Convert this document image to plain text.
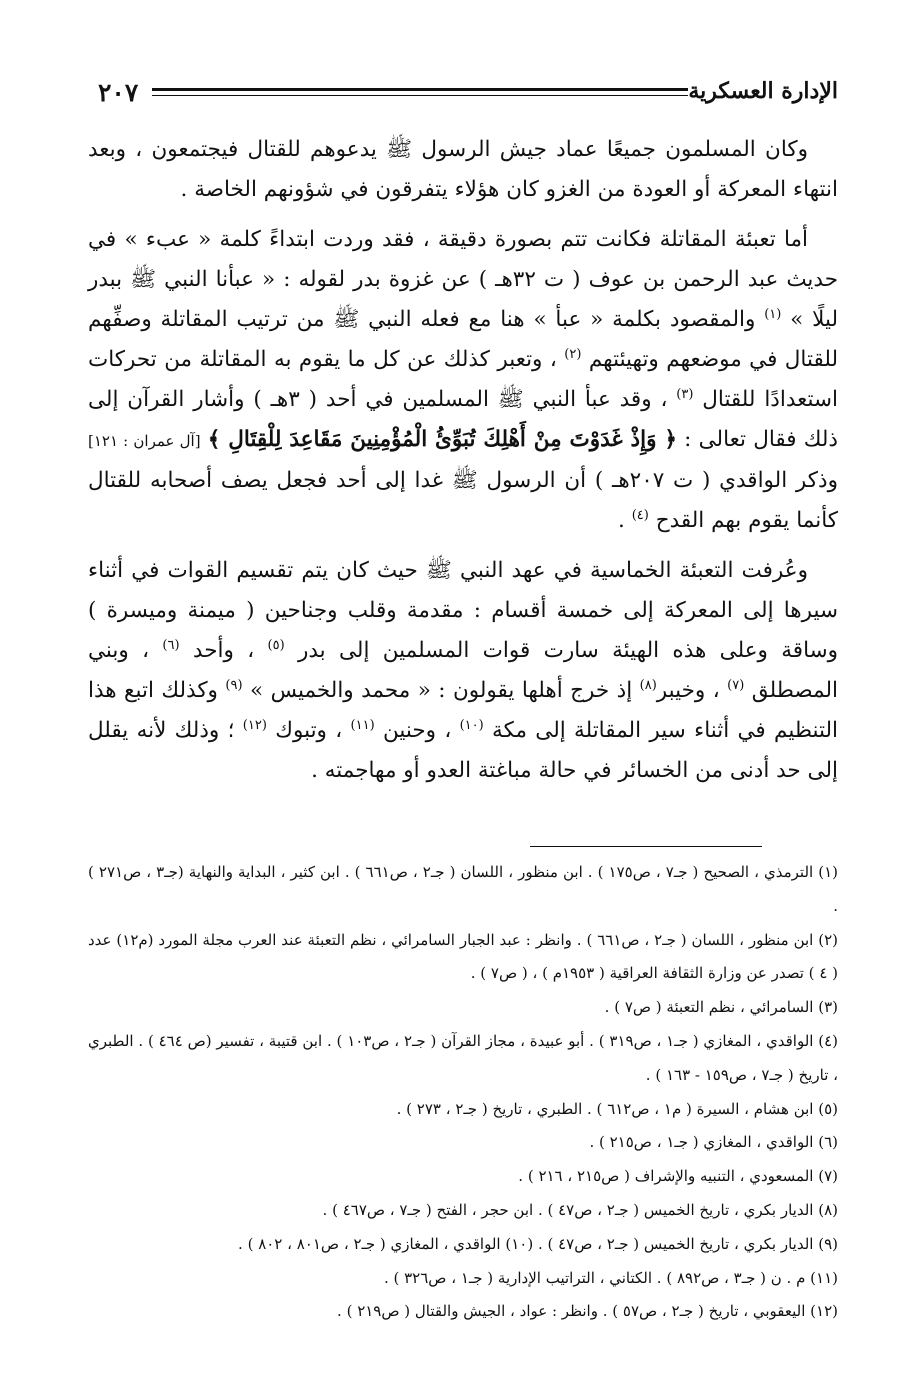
٢٠٧	الإدارة العسكرية

وكان المسلمون جميعًا عماد جيش الرسول ﷺ يدعوهم للقتال فيجتمعون ، وبعد انتهاء المعركة أو العودة من الغزو كان هؤلاء يتفرقون في شؤونهم الخاصة .

أما تعبئة المقاتلة فكانت تتم بصورة دقيقة ، فقد وردت ابتداءً كلمة « عبء » في حديث عبد الرحمن بن عوف ( ت ٣٢هـ ) عن غزوة بدر لقوله : « عبأنا النبي ﷺ ببدر ليلًا » $^{(١)}$ والمقصود بكلمة « عبأ » هنا مع فعله النبي ﷺ من ترتيب المقاتلة وصفِّهم للقتال في موضعهم وتهيئتهم $^{(٢)}$ ، وتعبر كذلك عن كل ما يقوم به المقاتلة من تحركات استعدادًا للقتال $^{(٣)}$ ، وقد عبأ النبي ﷺ المسلمين في أحد ( ٣هـ ) وأشار القرآن إلى ذلك فقال تعالى : ﴿ وَإِذْ غَدَوْتَ مِنْ أَهْلِكَ تُبَوِّئُ الْمُؤْمِنِينَ مَقَاعِدَ لِلْقِتَالِ ﴾ [آل عمران : ١٢١] وذكر الواقدي ( ت ٢٠٧هـ ) أن الرسول ﷺ غدا إلى أحد فجعل يصف أصحابه للقتال كأنما يقوم بهم القدح $^{(٤)}$ .

وعُرفت التعبئة الخماسية في عهد النبي ﷺ حيث كان يتم تقسيم القوات في أثناء سيرها إلى المعركة إلى خمسة أقسام : مقدمة وقلب وجناحين ( ميمنة وميسرة ) وساقة وعلى هذه الهيئة سارت قوات المسلمين إلى بدر $^{(٥)}$ ، وأحد $^{(٦)}$ ، وبني المصطلق $^{(٧)}$ ، وخيبر$^{(٨)}$ إذ خرج أهلها يقولون : « محمد والخميس » $^{(٩)}$ وكذلك اتبع هذا التنظيم في أثناء سير المقاتلة إلى مكة $^{(١٠)}$ ، وحنين $^{(١١)}$ ، وتبوك $^{(١٢)}$ ؛ وذلك لأنه يقلل إلى حد أدنى من الخسائر في حالة مباغتة العدو أو مهاجمته .

(١) الترمذي ، الصحيح ( جـ٧ ، ص١٧٥ ) . ابن منظور ، اللسان ( جـ٢ ، ص٦٦١ ) . ابن كثير ، البداية والنهاية (جـ٣ ، ص٢٧١ ) .

(٢) ابن منظور ، اللسان ( جـ٢ ، ص٦٦١ ) . وانظر : عبد الجبار السامرائي ، نظم التعبئة عند العرب مجلة المورد (م١٢) عدد ( ٤ ) تصدر عن وزارة الثقافة العراقية ( ١٩٥٣م ) ، ( ص٧ ) .

(٣) السامرائي ، نظم التعبئة ( ص٧ ) .

(٤) الواقدي ، المغازي ( جـ١ ، ص٣١٩ ) . أبو عبيدة ، مجاز القرآن ( جـ٢ ، ص١٠٣ ) . ابن قتيبة ، تفسير (ص ٤٦٤ ) . الطبري ، تاريخ ( جـ٧ ، ص١٥٩ - ١٦٣ ) .

(٥) ابن هشام ، السيرة ( م١ ، ص٦١٢ ) . الطبري ، تاريخ ( جـ٢ ، ٢٧٣ ) .

(٦) الواقدي ، المغازي ( جـ١ ، ص٢١٥ ) .

(٧) المسعودي ، التنبيه والإشراف ( ص٢١٥ ، ٢١٦ ) .

(٨) الديار بكري ، تاريخ الخميس ( جـ٢ ، ص٤٧ ) . ابن حجر ، الفتح ( جـ٧ ، ص٤٦٧ ) .

(٩) الديار بكري ، تاريخ الخميس ( جـ٢ ، ص٤٧ ) . (١٠) الواقدي ، المغازي ( جـ٢ ، ص٨٠١ ، ٨٠٢ ) .

(١١) م . ن ( جـ٣ ، ص٨٩٢ ) . الكتاني ، التراتيب الإدارية ( جـ١ ، ص٣٢٦ ) .

(١٢) اليعقوبي ، تاريخ ( جـ٢ ، ص٥٧ ) . وانظر : عواد ، الجيش والقتال ( ص٢١٩ ) .
